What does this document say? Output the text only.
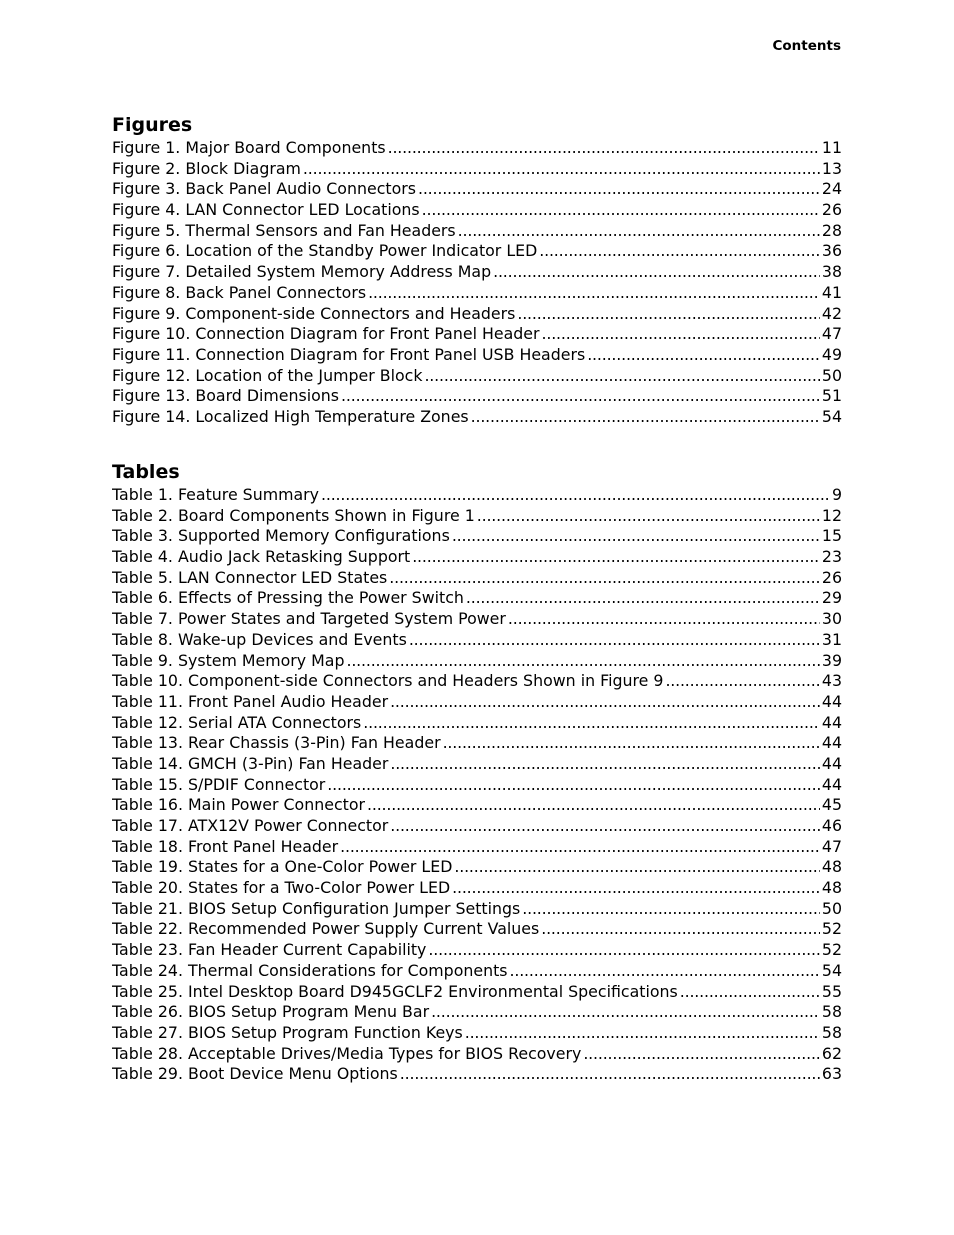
Contents
Figures
Figure 1. Major Board Components . . .	11
Figure 2. Block Diagram . . .	13
Figure 3. Back Panel Audio Connectors . . .	24
Figure 4. LAN Connector LED Locations . . .	26
Figure 5. Thermal Sensors and Fan Headers . . .	28
Figure 6. Location of the Standby Power Indicator LED . . .	36
Figure 7. Detailed System Memory Address Map . . .	38
Figure 8. Back Panel Connectors . . .	41
Figure 9. Component-side Connectors and Headers . . .	42
Figure 10. Connection Diagram for Front Panel Header . . .	47
Figure 11. Connection Diagram for Front Panel USB Headers . . .	49
Figure 12. Location of the Jumper Block . . .	50
Figure 13. Board Dimensions . . .	51
Figure 14. Localized High Temperature Zones . . .	54
Tables
Table 1. Feature Summary . . .	9
Table 2. Board Components Shown in Figure 1 . . .	12
Table 3. Supported Memory Configurations . . .	15
Table 4. Audio Jack Retasking Support . . .	23
Table 5. LAN Connector LED States . . .	26
Table 6. Effects of Pressing the Power Switch . . .	29
Table 7. Power States and Targeted System Power . . .	30
Table 8. Wake-up Devices and Events . . .	31
Table 9. System Memory Map . . .	39
Table 10. Component-side Connectors and Headers Shown in Figure 9 . . .	43
Table 11. Front Panel Audio Header . . .	44
Table 12. Serial ATA Connectors . . .	44
Table 13. Rear Chassis (3-Pin) Fan Header . . .	44
Table 14. GMCH (3-Pin) Fan Header . . .	44
Table 15. S/PDIF Connector . . .	44
Table 16. Main Power Connector . . .	45
Table 17. ATX12V Power Connector . . .	46
Table 18. Front Panel Header . . .	47
Table 19. States for a One-Color Power LED . . .	48
Table 20. States for a Two-Color Power LED . . .	48
Table 21. BIOS Setup Configuration Jumper Settings . . .	50
Table 22. Recommended Power Supply Current Values . . .	52
Table 23. Fan Header Current Capability . . .	52
Table 24. Thermal Considerations for Components . . .	54
Table 25. Intel Desktop Board D945GCLF2 Environmental Specifications . . .	55
Table 26. BIOS Setup Program Menu Bar . . .	58
Table 27. BIOS Setup Program Function Keys . . .	58
Table 28. Acceptable Drives/Media Types for BIOS Recovery . . .	62
Table 29. Boot Device Menu Options . . .	63
